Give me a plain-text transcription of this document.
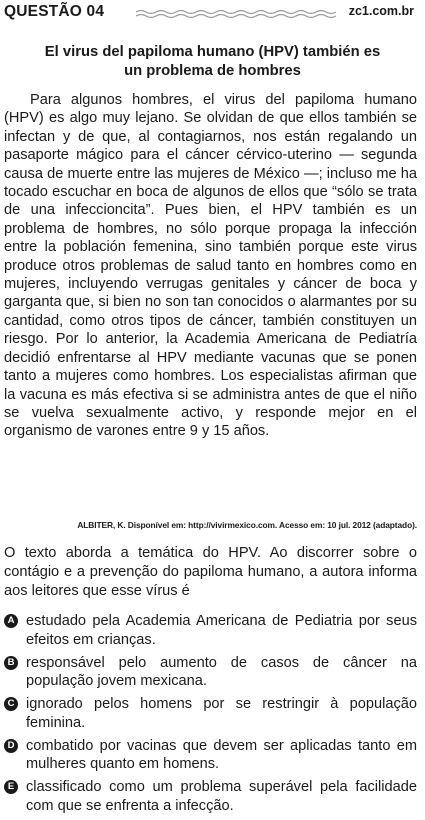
QUESTÃO 04	zc1.com.br
El virus del papiloma humano (HPV) también es
un problema de hombres

Para algunos hombres, el virus del papiloma humano (HPV) es algo muy lejano. Se olvidan de que ellos también se infectan y de que, al contagiarnos, nos están regalando un pasaporte mágico para el cáncer cérvico-uterino — segunda causa de muerte entre las mujeres de México —; incluso me ha tocado escuchar en boca de algunos de ellos que “sólo se trata de una infeccioncita”. Pues bien, el HPV también es un problema de hombres, no sólo porque propaga la infección entre la población femenina, sino también porque este virus produce otros problemas de salud tanto en hombres como en mujeres, incluyendo verrugas genitales y cáncer de boca y garganta que, si bien no son tan conocidos o alarmantes por su cantidad, como otros tipos de cáncer, también constituyen un riesgo. Por lo anterior, la Academia Americana de Pediatría decidió enfrentarse al HPV mediante vacunas que se ponen tanto a mujeres como hombres. Los especialistas afirman que la vacuna es más efectiva si se administra antes de que el niño se vuelva sexualmente activo, y responde mejor en el organismo de varones entre 9 y 15 años.

ALBITER, K. Disponível em: http://vivirmexico.com. Acesso em: 10 jul. 2012 (adaptado).

O texto aborda a temática do HPV. Ao discorrer sobre o contágio e a prevenção do papiloma humano, a autora informa aos leitores que esse vírus é

A estudado pela Academia Americana de Pediatria por seus efeitos em crianças.
B responsável pelo aumento de casos de câncer na população jovem mexicana.
C ignorado pelos homens por se restringir à população feminina.
D combatido por vacinas que devem ser aplicadas tanto em mulheres quanto em homens.
E classificado como um problema superável pela facilidade com que se enfrenta a infecção.
